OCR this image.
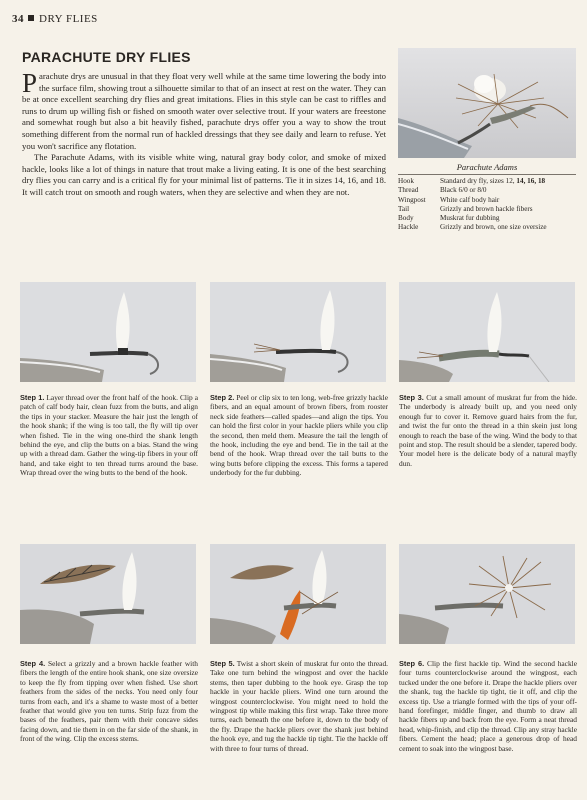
34 DRY FLIES
PARACHUTE DRY FLIES

Parachute drys are unusual in that they float very well while at the same time lowering the body into the surface film, showing trout a silhouette similar to that of an insect at rest on the water. They can be at once excellent searching dry flies and great imitations. Flies in this style can be cast to riffles and runs to drum up willing fish or fished on smooth water over selective trout. If your waters are freestone and somewhat rough but also a bit heavily fished, parachute drys offer you a way to show the trout something different from the normal run of hackled dressings that they see daily and learn to refuse. Yet you won't sacrifice any flotation.

The Parachute Adams, with its visible white wing, natural gray body color, and smoke of mixed hackle, looks like a lot of things in nature that trout make a living eating. It is one of the best searching dry flies you can carry and is a critical fly for your minimal list of patterns. Tie it in sizes 14, 16, and 18. It will catch trout on smooth and rough waters, when they are selective and when they are not.

Parachute Adams
Hook	Standard dry fly, sizes 12, 14, 16, 18
Thread	Black 6/0 or 8/0
Wingpost	White calf body hair
Tail	Grizzly and brown hackle fibers
Body	Muskrat fur dubbing
Hackle	Grizzly and brown, one size oversize
Step 1. Layer thread over the front half of the hook. Clip a patch of calf body hair, clean fuzz from the butts, and align the tips in your stacker. Measure the hair just the length of the hook shank; if the wing is too tall, the fly will tip over when fished. Tie in the wing one-third the shank length behind the eye, and clip the butts on a bias. Stand the wing up with a thread dam. Gather the wing-tip fibers in your off hand, and take eight to ten thread turns around the base. Wrap thread over the wing butts to the bend of the hook.
Step 2. Peel or clip six to ten long, web-free grizzly hackle fibers, and an equal amount of brown fibers, from rooster neck side feathers—called spades—and align the tips. You can hold the first color in your hackle pliers while you clip the second, then meld them. Measure the tail the length of the hook, including the eye and bend. Tie in the tail at the bend of the hook. Wrap thread over the tail butts to the wing butts before clipping the excess. This forms a tapered underbody for the fur dubbing.
Step 3. Cut a small amount of muskrat fur from the hide. The underbody is already built up, and you need only enough fur to cover it. Remove guard hairs from the fur, and twist the fur onto the thread in a thin skein just long enough to reach the base of the wing. Wind the body to that point and stop. The result should be a slender, tapered body. Your model here is the delicate body of a natural mayfly dun.
Step 4. Select a grizzly and a brown hackle feather with fibers the length of the entire hook shank, one size oversize to keep the fly from tipping over when fished. Use short feathers from the sides of the necks. You need only four turns from each, and it's a shame to waste most of a better feather that would give you ten turns. Strip fuzz from the bases of the feathers, pair them with their concave sides facing down, and tie them in on the far side of the shank, in front of the wing. Clip the excess stems.
Step 5. Twist a short skein of muskrat fur onto the thread. Take one turn behind the wingpost and over the hackle stems, then taper dubbing to the hook eye. Grasp the top hackle in your hackle pliers. Wind one turn around the wingpost counterclockwise. You might need to hold the wingpost tip while making this first wrap. Take three more turns, each beneath the one before it, down to the body of the fly. Drape the hackle pliers over the shank just behind the hook eye, and tug the hackle tip tight. Tie the hackle off with three to four turns of thread.
Step 6. Clip the first hackle tip. Wind the second hackle four turns counterclockwise around the wingpost, each tucked under the one before it. Drape the hackle pliers over the shank, tug the hackle tip tight, tie it off, and clip the excess tip. Use a triangle formed with the tips of your off-hand forefinger, middle finger, and thumb to draw all hackle fibers up and back from the eye. Form a neat thread head, whip-finish, and clip the thread. Clip any stray hackle fibers. Cement the head; place a generous drop of head cement to soak into the wingpost base.
